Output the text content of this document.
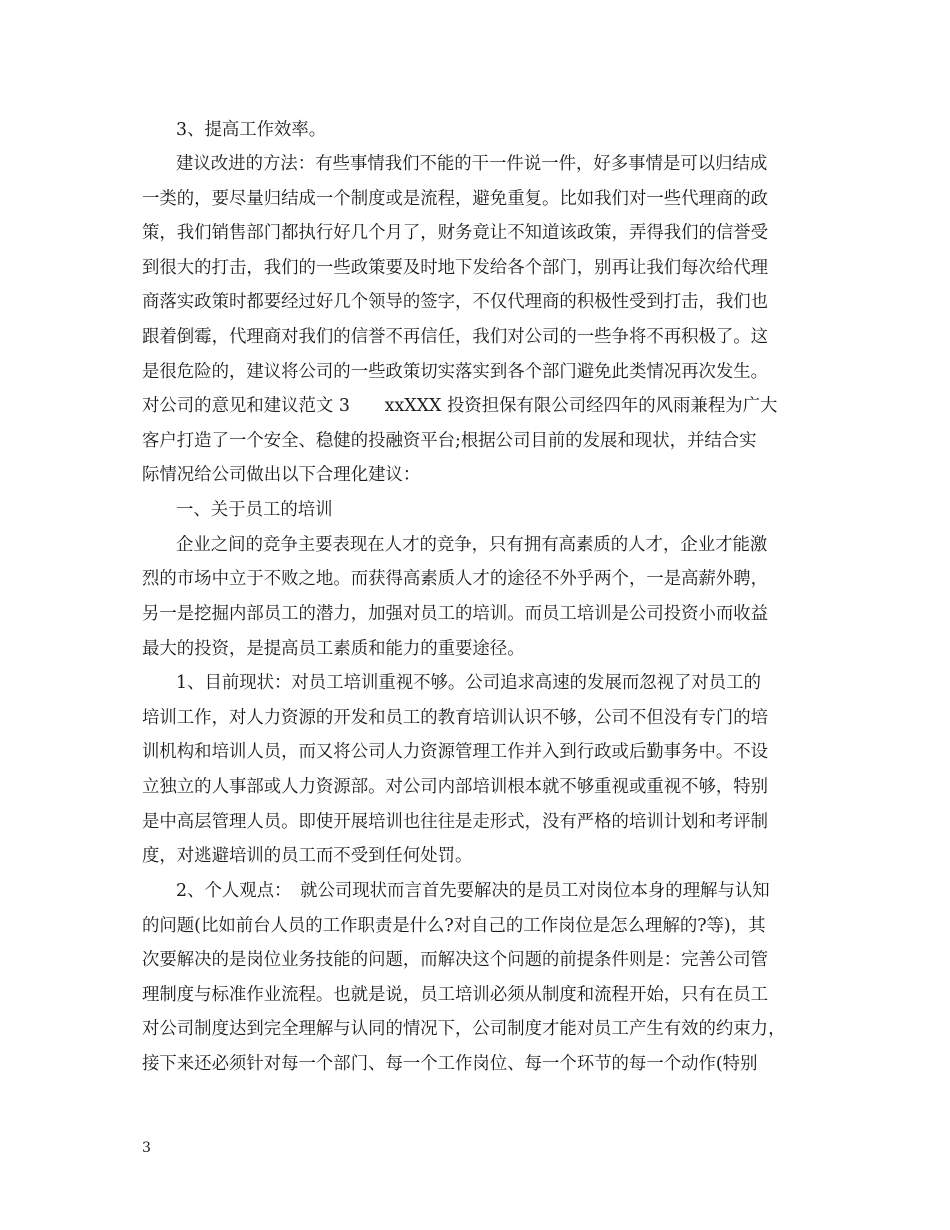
3、提高工作效率。
建议改进的方法：有些事情我们不能的干一件说一件，好多事情是可以归结成
一类的，要尽量归结成一个制度或是流程，避免重复。比如我们对一些代理商的政
策，我们销售部门都执行好几个月了，财务竟让不知道该政策，弄得我们的信誉受
到很大的打击，我们的一些政策要及时地下发给各个部门，别再让我们每次给代理
商落实政策时都要经过好几个领导的签字，不仅代理商的积极性受到打击，我们也
跟着倒霉，代理商对我们的信誉不再信任，我们对公司的一些争将不再积极了。这
是很危险的，建议将公司的一些政策切实落实到各个部门避免此类情况再次发生。
对公司的意见和建议范文 3　　xxXXX 投资担保有限公司经四年的风雨兼程为广大
客户打造了一个安全、稳健的投融资平台;根据公司目前的发展和现状，并结合实
际情况给公司做出以下合理化建议：
一、关于员工的培训
企业之间的竞争主要表现在人才的竞争，只有拥有高素质的人才，企业才能激
烈的市场中立于不败之地。而获得高素质人才的途径不外乎两个，一是高薪外聘，
另一是挖掘内部员工的潜力，加强对员工的培训。而员工培训是公司投资小而收益
最大的投资，是提高员工素质和能力的重要途径。
1、目前现状：对员工培训重视不够。公司追求高速的发展而忽视了对员工的
培训工作，对人力资源的开发和员工的教育培训认识不够，公司不但没有专门的培
训机构和培训人员，而又将公司人力资源管理工作并入到行政或后勤事务中。不设
立独立的人事部或人力资源部。对公司内部培训根本就不够重视或重视不够，特别
是中高层管理人员。即使开展培训也往往是走形式，没有严格的培训计划和考评制
度，对逃避培训的员工而不受到任何处罚。
2、个人观点：　就公司现状而言首先要解决的是员工对岗位本身的理解与认知
的问题(比如前台人员的工作职责是什么?对自己的工作岗位是怎么理解的?等)，其
次要解决的是岗位业务技能的问题，而解决这个问题的前提条件则是：完善公司管
理制度与标准作业流程。也就是说，员工培训必须从制度和流程开始，只有在员工
对公司制度达到完全理解与认同的情况下，公司制度才能对员工产生有效的约束力，
接下来还必须针对每一个部门、每一个工作岗位、每一个环节的每一个动作(特别
3
